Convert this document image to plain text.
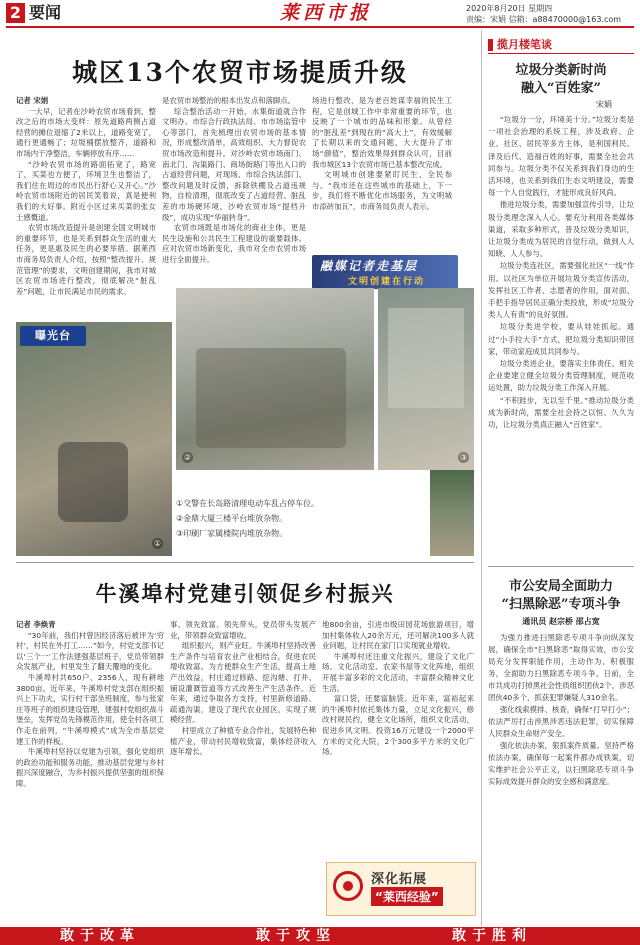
2 要闻	莱西市报	2020年8月20日 星期四
责编：宋娟 信箱：a88470000@163.com
城区13个农贸市场提质升级

记者 宋娟

一大早，记者在沙岭农贸市场看到，整改之后的市场大变样：原先道路两侧占道经营的摊位退缩了2米以上，道路变宽了，通行更通畅了；垃圾桶摆放整齐，道路和市场内干净整洁，车辆停放有序……

“沙岭农贸市场的路面拓宽了，路宽了，买菜也方便了，环境卫生也整洁了，我们住在周边的市民出行舒心又开心。”沙岭农贸市场附近的居民笑着说，真是便利我们的大好事。附近小区过来买菜的张女士感慨道。

农贸市场改造提升是创建全国文明城市的重要环节，也是关系到群众生活的重大任务，更是惠及民生的必要举措。据莱西市商务局负责人介绍，按照“整改提升、规范管理”的要求，文明创建期间，我市对城区农贸市场进行整改，彻底解决“脏乱差”问题，让市民满足市民的需求。

是农贸市场整治的根本出发点和落脚点。

综合整治活动一开始，水集街道就合作文明办、市综合行政执法局、市市场监管中心等部门，首先梳理出农贸市场的基本情况，形成整改清单，高效组织、大力督促农贸市场改造和提升。对沙岭农贸市场南门、南北门、沟渠路门、商场街路门等出入口的占道经营问题，对现场、市综合执法部门、整改问题及时反馈，拆除铁棚及占道违规物，自检清理，彻底改变了占道经营、脏乱差的市场硬环境，沙岭农贸市场“提档升级”，成功实现“华丽转身”。

农贸市场既是市场化的商业主体，更是民生设施和公共民生工程建设的重要载体。应对农贸市场新变化，我市对全市农贸市场进行全面提升。

场进行整改，是为老百姓谋幸福的民生工程，它是创城工作中非常重要的环节，也反映了一个城市的品味和形象。从曾经的“脏乱差”到现在的“高大上”，有效缓解了长期以来的交通问题，大大提升了市场“颜值”，整治效果得到群众认可，目前我市城区13个农贸市场已基本整改完成。

文明城市创建要紧盯民生、全民参与。“我市还在这些城市的基础上，下一步，我们将不断优化市场服务，为文明城市添砖加瓦”，市商务局负责人表示。

融媒记者走基层
文明创建在行动
曝光台
①
②	③

①交警在长岛路清理电动车乱占停车位。

②金鼎大厦三楼平台堆放杂物。

③印刷厂家属楼院内堆放杂物。

牛溪埠村党建引领促乡村振兴

记者 李焕青

“30年前，我们村曾因经济落后被评为‘穷村’，村民在外打工……”如今，村党支部书记以‘三个一’工作法建强基层班子，党员带领群众发展产业，村里发生了翻天覆地的变化。

牛溪埠村共650户、2356人，现有耕地3800亩。近年来，牛溪埠村党支部在组织振兴上下功夫，实行村干部坐班制度，参与张家庄等班子的组织建设管理，建强村党组织战斗堡垒，发挥党员先锋模范作用，使全村各项工作走在前列，“牛溪埠模式”成为全市基层党建工作的样板。

牛溪埠村坚持以党建为引领，强化党组织的政治功能和服务功能，推动基层党建与乡村振兴深度融合，为乡村振兴提供坚强的组织保障。

事、领先致富、领先带头，党员带头发展产业，带领群众致富增收。

组织振兴，则产业旺。牛溪埠村坚持改善生产条件与培育农业产业相结合，促进农民增收致富。为方便群众生产生活，提高土地产出效益，村庄通过修路、挖沟塘、打井、铺设灌溉管道等方式改善生产生活条件。近年来，通过争取各方支持，村里新修道路、疏通沟渠，建设了现代农业园区，实现了规模经营。

村里成立了种植专业合作社，发展特色种植产业，带动村民增收致富，集体经济收入逐年增长。

地800余亩，引进市级田园花场旅游项目，增加村集体收入20余万元，还可解决100多人就业问题，让村民在家门口实现就业增收。

牛溪埠村还注重文化振兴，建设了文化广场、文化活动室、农家书屋等文化阵地，组织开展丰富多彩的文化活动，丰富群众精神文化生活。

富口袋，还要富脑袋。近年来，富裕起来的牛溪埠村依托集体力量，立足文化振兴，修改村规民约，健全文化场所，组织文化活动，促进乡风文明。投资16万元建设一个2000平方米的文化大院，2个300多平方米的文化广场。

深化拓展
“莱西经验”
揽月楼笔谈
垃圾分类新时尚
融入“百姓家”
宋娟

“垃圾分一分，环境美十分。”垃圾分类是一项社会治理的系统工程，涉及政府、企业、社区、居民等多方主体，是利国利民、泽及后代、造福百姓的好事，需要全社会共同参与。垃圾分类不仅关系到我们身边的生活环境，也关系到我们生态文明建设，需要每一个人自觉践行，才能形成良好风尚。

推进垃圾分类，需要加强宣传引导，让垃圾分类理念深入人心。要充分利用各类媒体渠道，采取多种形式，普及垃圾分类知识，让垃圾分类成为居民的自觉行动，做到人人知晓、人人参与。

垃圾分类连社区，需要强化社区“一线”作用。以社区为单位开展垃圾分类宣传活动，发挥社区工作者、志愿者的作用，面对面、手把手指导居民正确分类投放，形成“垃圾分类人人有责”的良好氛围。

垃圾分类进学校，要从娃娃抓起。通过“小手拉大手”方式，把垃圾分类知识带回家，带动家庭成员共同参与。

垃圾分类进企业，要落实主体责任。相关企业要建立健全垃圾分类管理制度，规范收运处置，助力垃圾分类工作深入开展。

“不积跬步，无以至千里。”推动垃圾分类成为新时尚，需要全社会持之以恒、久久为功，让垃圾分类真正融入“百姓家”。

市公安局全面助力
“扫黑除恶”专项斗争
通讯员 赵宗桥 邵占宽

为强力推进扫黑除恶专项斗争向纵深发展，确保全市“扫黑除恶”取得实效，市公安局充分发挥职能作用，主动作为、积极服务，全面助力扫黑除恶专项斗争。日前，全市共成功打掉黑社会性质组织团伙2个，涉恶团伙40多个，抓获犯罪嫌疑人310余名。

强化线索摸排、核查，确保“打早打小”；依法严厉打击涉黑涉恶违法犯罪，切实保障人民群众生命财产安全。

强化依法办案，狠抓案件质量。坚持严格依法办案，确保每一起案件都办成铁案，切实维护社会公平正义，以扫黑除恶专项斗争实际成效提升群众的安全感和满意度。

敢于改革	敢于攻坚	敢于胜利
